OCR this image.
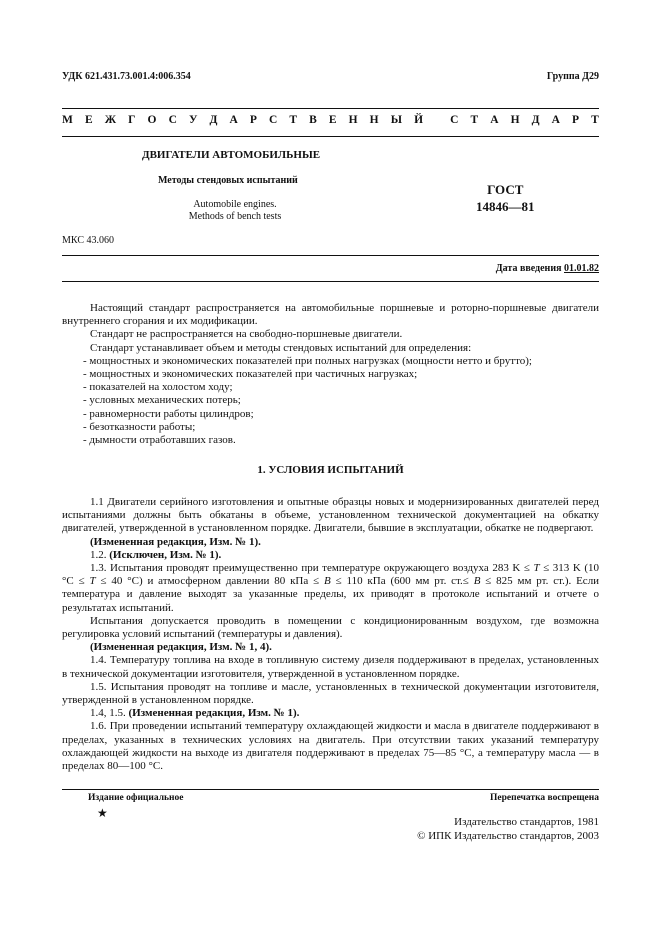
УДК 621.431.73.001.4:006.354	Группа Д29
М Е Ж Г О С У Д А Р С Т В Е Н Н Ы Й
С Т А Н Д А Р Т
ДВИГАТЕЛИ АВТОМОБИЛЬНЫЕ
Методы стендовых испытаний
Automobile engines.
Methods of bench tests
ГОСТ
14846—81
МКС 43.060
Дата введения 01.01.82

Настоящий стандарт распространяется на автомобильные поршневые и роторно-поршневые двигатели внутреннего сгорания и их модификации.

Стандарт не распространяется на свободно-поршневые двигатели.

Стандарт устанавливает объем и методы стендовых испытаний для определения:

- мощностных и экономических показателей при полных нагрузках (мощности нетто и брутто);

- мощностных и экономических показателей при частичных нагрузках;

- показателей на холостом ходу;

- условных механических потерь;

- равномерности работы цилиндров;

- безотказности работы;

- дымности отработавших газов.

1. УСЛОВИЯ ИСПЫТАНИЙ

1.1 Двигатели серийного изготовления и опытные образцы новых и модернизированных двигателей перед испытаниями должны быть обкатаны в объеме, установленном технической документацией на обкатку двигателей, утвержденной в установленном порядке. Двигатели, бывшие в эксплуатации, обкатке не подвергают.

(Измененная редакция, Изм. № 1).

1.2. (Исключен, Изм. № 1).

1.3. Испытания проводят преимущественно при температуре окружающего воздуха 283 K ≤ T ≤ 313 K (10 °C ≤ T ≤ 40 °C) и атмосферном давлении 80 кПа ≤ B ≤ 110 кПа (600 мм рт. ст.≤ B ≤ 825 мм рт. ст.). Если температура и давление выходят за указанные пределы, их приводят в протоколе испытаний и отчете о результатах испытаний.

Испытания допускается проводить в помещении с кондиционированным воздухом, где возможна регулировка условий испытаний (температуры и давления).

(Измененная редакция, Изм. № 1, 4).

1.4. Температуру топлива на входе в топливную систему дизеля поддерживают в пределах, установленных в технической документации изготовителя, утвержденной в установленном порядке.

1.5. Испытания проводят на топливе и масле, установленных в технической документации изготовителя, утвержденной в установленном порядке.

1.4, 1.5. (Измененная редакция, Изм. № 1).

1.6. При проведении испытаний температуру охлаждающей жидкости и масла в двигателе поддерживают в пределах, указанных в технических условиях на двигатель. При отсутствии таких указаний температуру охлаждающей жидкости на выходе из двигателя поддерживают в пределах 75—85 °C, а температуру масла — в пределах 80—100 °C.

Издание официальное	Перепечатка воспрещена
★
Издательство стандартов, 1981
© ИПК Издательство стандартов, 2003
